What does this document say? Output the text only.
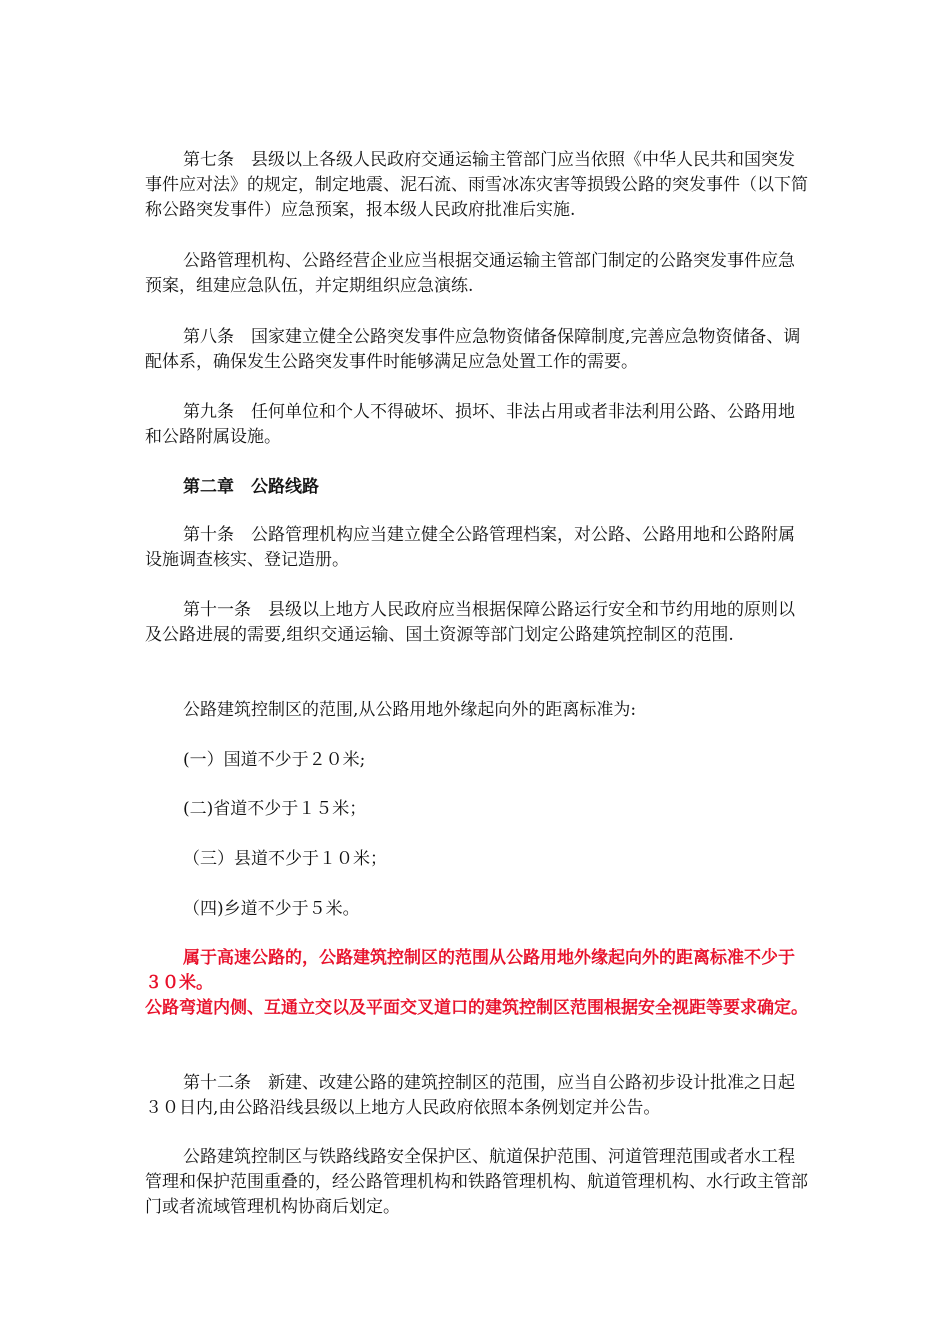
第七条 县级以上各级人民政府交通运输主管部门应当依照《中华人民共和国突发事件应对法》的规定，制定地震、泥石流、雨雪冰冻灾害等损毁公路的突发事件（以下简称公路突发事件）应急预案，报本级人民政府批准后实施.

公路管理机构、公路经营企业应当根据交通运输主管部门制定的公路突发事件应急预案，组建应急队伍，并定期组织应急演练.

第八条 国家建立健全公路突发事件应急物资储备保障制度,完善应急物资储备、调配体系，确保发生公路突发事件时能够满足应急处置工作的需要。

第九条 任何单位和个人不得破坏、损坏、非法占用或者非法利用公路、公路用地和公路附属设施。

第二章 公路线路

第十条 公路管理机构应当建立健全公路管理档案，对公路、公路用地和公路附属设施调查核实、登记造册。

第十一条 县级以上地方人民政府应当根据保障公路运行安全和节约用地的原则以及公路进展的需要,组织交通运输、国土资源等部门划定公路建筑控制区的范围.

公路建筑控制区的范围,从公路用地外缘起向外的距离标准为:

(一）国道不少于２０米;

(二)省道不少于１５米；

（三）县道不少于１０米；

（四)乡道不少于５米。

属于高速公路的，公路建筑控制区的范围从公路用地外缘起向外的距离标准不少于３０米。

公路弯道内侧、互通立交以及平面交叉道口的建筑控制区范围根据安全视距等要求确定。

第十二条 新建、改建公路的建筑控制区的范围，应当自公路初步设计批准之日起３０日内,由公路沿线县级以上地方人民政府依照本条例划定并公告。

公路建筑控制区与铁路线路安全保护区、航道保护范围、河道管理范围或者水工程管理和保护范围重叠的，经公路管理机构和铁路管理机构、航道管理机构、水行政主管部门或者流域管理机构协商后划定。
